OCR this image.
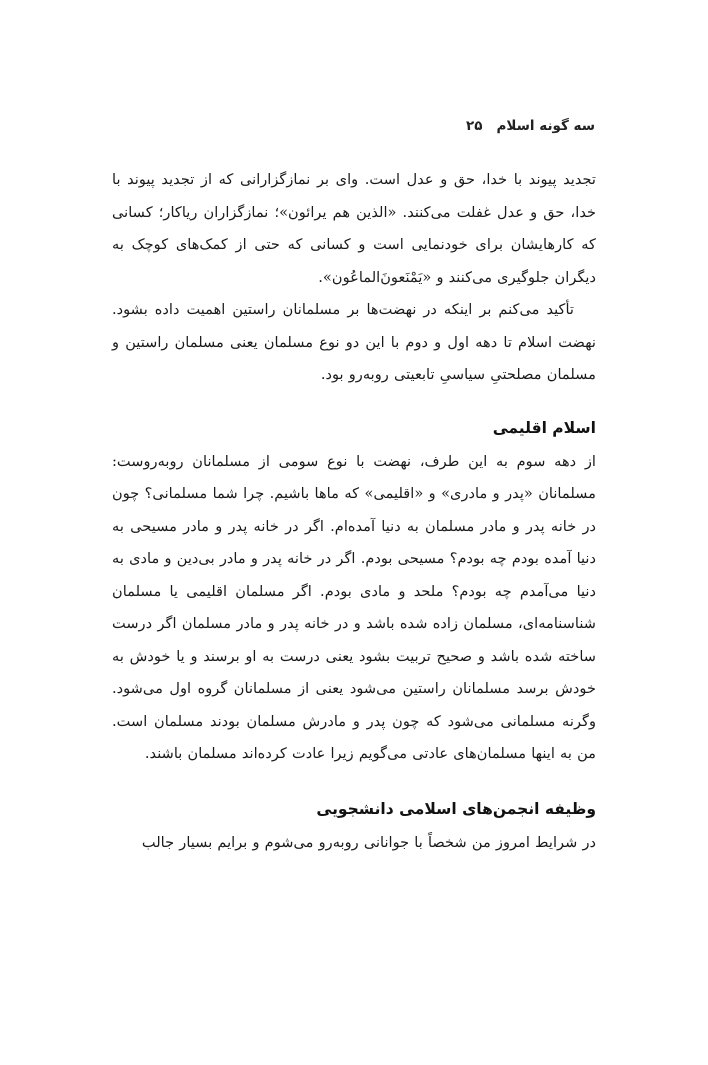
سه گونه اسلام۲۵

تجدید پیوند با خدا، حق و عدل است. وای بر نمازگزارانی که از تجدید پیوند با خدا، حق و عدل غفلت می‌کنند. «الذین هم یرائون»؛ نمازگزاران ریاکار؛ کسانی که کارهایشان برای خودنمایی است و کسانی که حتی از کمک‌های کوچک به دیگران جلوگیری می‌کنند و «یَمْنَعونَ‌الماعُون».

تأکید می‌کنم بر اینکه در نهضت‌ها بر مسلمانان راستین اهمیت داده بشود. نهضت اسلام تا دهه اول و دوم با این دو نوع مسلمان یعنی مسلمان راستین و مسلمان مصلحتیِ سیاسیِ تابعیتی روبه‌رو بود.

اسلام اقلیمی

از دهه سوم به این طرف، نهضت با نوع سومی از مسلمانان روبه‌روست: مسلمانان «پدر و مادری» و «اقلیمی» که ماها باشیم. چرا شما مسلمانی؟ چون در خانه پدر و مادر مسلمان به دنیا آمده‌ام. اگر در خانه پدر و مادر مسیحی به دنیا آمده بودم چه بودم؟ مسیحی بودم. اگر در خانه پدر و مادر بی‌دین و مادی به دنیا می‌آمدم چه بودم؟ ملحد و مادی بودم. اگر مسلمان اقلیمی یا مسلمان شناسنامه‌ای، مسلمان زاده شده باشد و در خانه پدر و مادر مسلمان اگر درست ساخته شده باشد و صحیح تربیت بشود یعنی درست به او برسند و یا خودش به خودش برسد مسلمانان راستین می‌شود یعنی از مسلمانان گروه اول می‌شود. وگرنه مسلمانی می‌شود که چون پدر و مادرش مسلمان بودند مسلمان است. من به اینها مسلمان‌های عادتی می‌گویم زیرا عادت کرده‌اند مسلمان باشند.

وظیفه انجمن‌های اسلامی دانشجویی

در شرایط امروز من شخصاً با جوانانی روبه‌رو می‌شوم و برایم بسیار جالب
